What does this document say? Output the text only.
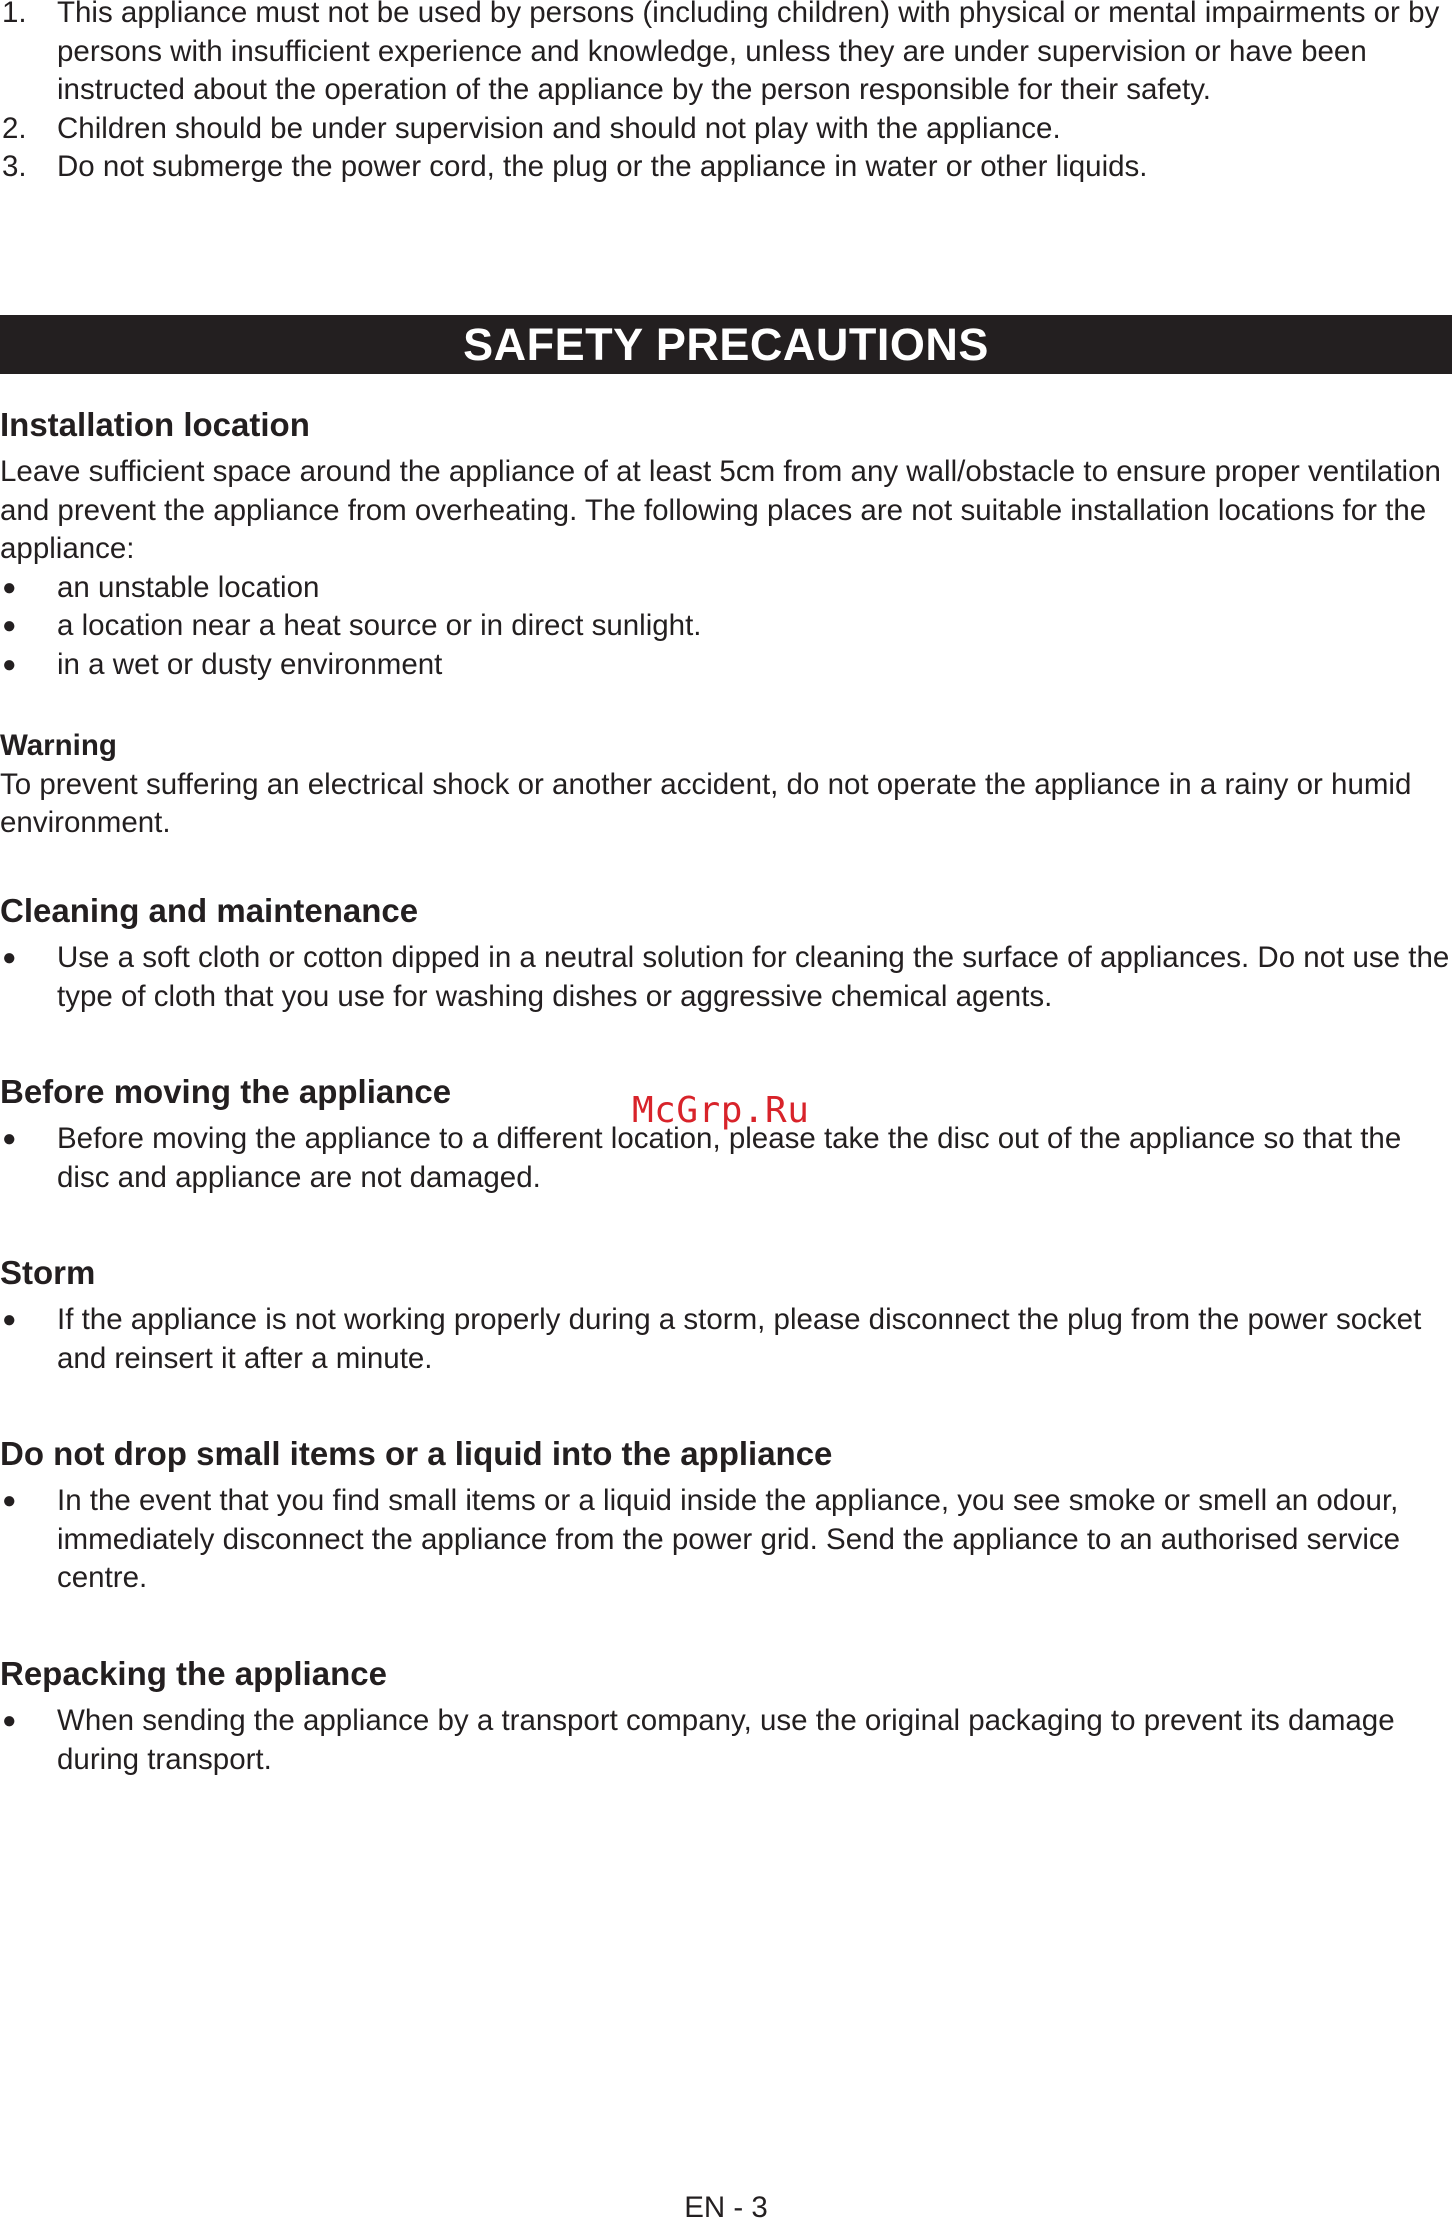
1. This appliance must not be used by persons (including children) with physical or mental impairments or by persons with insufficient experience and knowledge, unless they are under supervision or have been instructed about the operation of the appliance by the person responsible for their safety.
2. Children should be under supervision and should not play with the appliance.
3. Do not submerge the power cord, the plug or the appliance in water or other liquids.
SAFETY PRECAUTIONS
Installation location

Leave sufficient space around the appliance of at least 5cm from any wall/obstacle to ensure proper ventilation and prevent the appliance from overheating. The following places are not suitable installation locations for the appliance:

● an unstable location
● a location near a heat source or in direct sunlight.
● in a wet or dusty environment
Warning

To prevent suffering an electrical shock or another accident, do not operate the appliance in a rainy or humid environment.

Cleaning and maintenance
● Use a soft cloth or cotton dipped in a neutral solution for cleaning the surface of appliances. Do not use the type of cloth that you use for washing dishes or aggressive chemical agents.
Before moving the appliance
● Before moving the appliance to a different location, please take the disc out of the appliance so that the disc and appliance are not damaged.
Storm
● If the appliance is not working properly during a storm, please disconnect the plug from the power socket and reinsert it after a minute.
Do not drop small items or a liquid into the appliance
● In the event that you find small items or a liquid inside the appliance, you see smoke or smell an odour, immediately disconnect the appliance from the power grid. Send the appliance to an authorised service centre.
Repacking the appliance
● When sending the appliance by a transport company, use the original packaging to prevent its damage during transport.
McGrp.Ru
EN - 3
